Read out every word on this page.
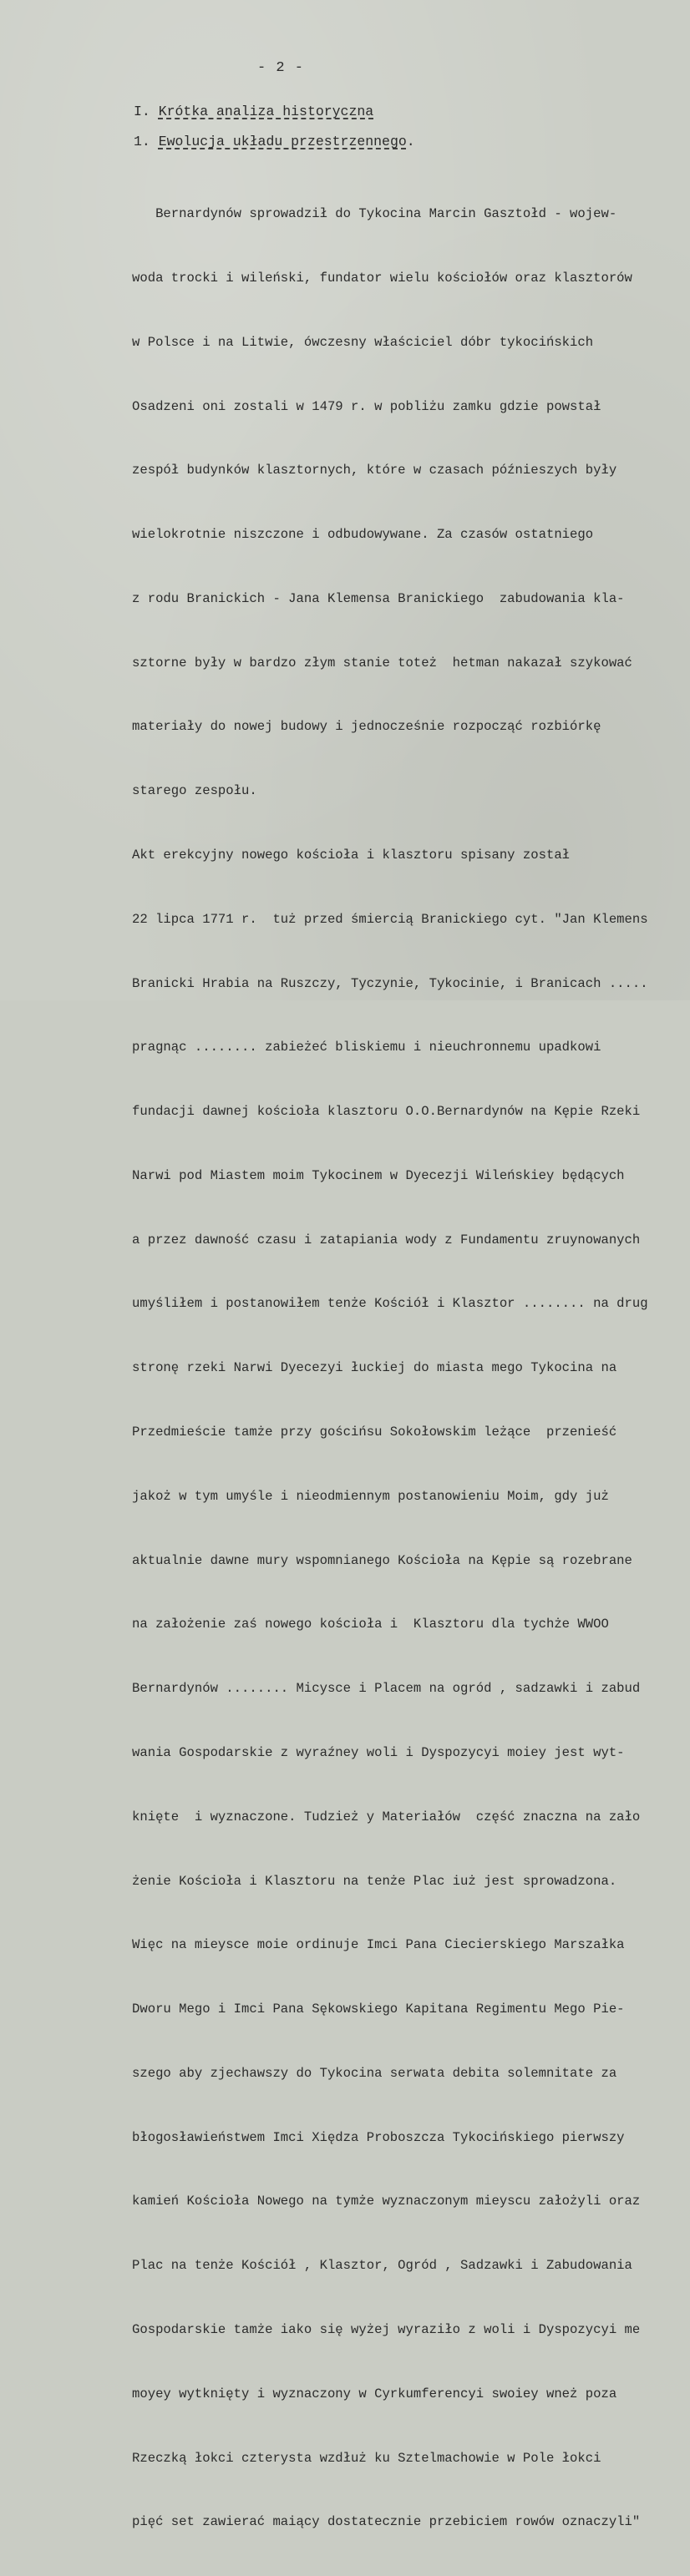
- 2 -
I. Krótka analiza historyczna
1. Ewolucja układu przestrzennego.

Bernardynów sprowadził do Tykocina Marcin Gasztołd - wojew-

woda trocki i wileński, fundator wielu kościołów oraz klasztorów

w Polsce i na Litwie, ówczesny właściciel dóbr tykocińskich

Osadzeni oni zostali w 1479 r. w pobliżu zamku gdzie powstał

zespół budynków klasztornych, które w czasach późnieszych były

wielokrotnie niszczone i odbudowywane. Za czasów ostatniego

z rodu Branickich - Jana Klemensa Branickiego  zabudowania kla-

sztorne były w bardzo złym stanie toteż  hetman nakazał szykować

materiały do nowej budowy i jednocześnie rozpocząć rozbiórkę

starego zespołu.

Akt erekcyjny nowego kościoła i klasztoru spisany został

22 lipca 1771 r.  tuż przed śmiercią Branickiego cyt. "Jan Klemens

Branicki Hrabia na Ruszczy, Tyczynie, Tykocinie, i Branicach .....

pragnąc ........ zabieżeć bliskiemu i nieuchronnemu upadkowi

fundacji dawnej kościoła klasztoru O.O.Bernardynów na Kępie Rzeki

Narwi pod Miastem moim Tykocinem w Dyecezji Wileńskiey będących

a przez dawność czasu i zatapiania wody z Fundamentu zruynowanych

umyśliłem i postanowiłem tenże Kościół i Klasztor ........ na drug

stronę rzeki Narwi Dyecezyi łuckiej do miasta mego Tykocina na

Przedmieście tamże przy gościńsu Sokołowskim leżące  przenieść

jakoż w tym umyśle i nieodmiennym postanowieniu Moim, gdy już

aktualnie dawne mury wspomnianego Kościoła na Kępie są rozebrane

na założenie zaś nowego kościoła i  Klasztoru dla tychże WWOO

Bernardynów ........ Micysce i Placem na ogród , sadzawki i zabud

wania Gospodarskie z wyraźney woli i Dyspozycyi moiey jest wyt-

knięte  i wyznaczone. Tudzież y Materiałów  część znaczna na zało

żenie Kościoła i Klasztoru na tenże Plac iuż jest sprowadzona.

Więc na mieysce moie ordinuje Imci Pana Ciecierskiego Marszałka

Dworu Mego i Imci Pana Sękowskiego Kapitana Regimentu Mego Pie-

szego aby zjechawszy do Tykocina serwata debita solemnitate za

błogosławieństwem Imci Xiędza Proboszcza Tykocińskiego pierwszy

kamień Kościoła Nowego na tymże wyznaczonym mieyscu założyli oraz

Plac na tenże Kościół , Klasztor, Ogród , Sadzawki i Zabudowania

Gospodarskie tamże iako się wyżej wyraziło z woli i Dyspozycyi me

moyey wytknięty i wyznaczony w Cyrkumferencyi swoiey wneż poza

Rzeczką łokci czterysta wzdłuż ku Sztelmachowie w Pole łokci

pięć set zawierać maiący dostatecznie przebiciem rowów oznaczyli"
